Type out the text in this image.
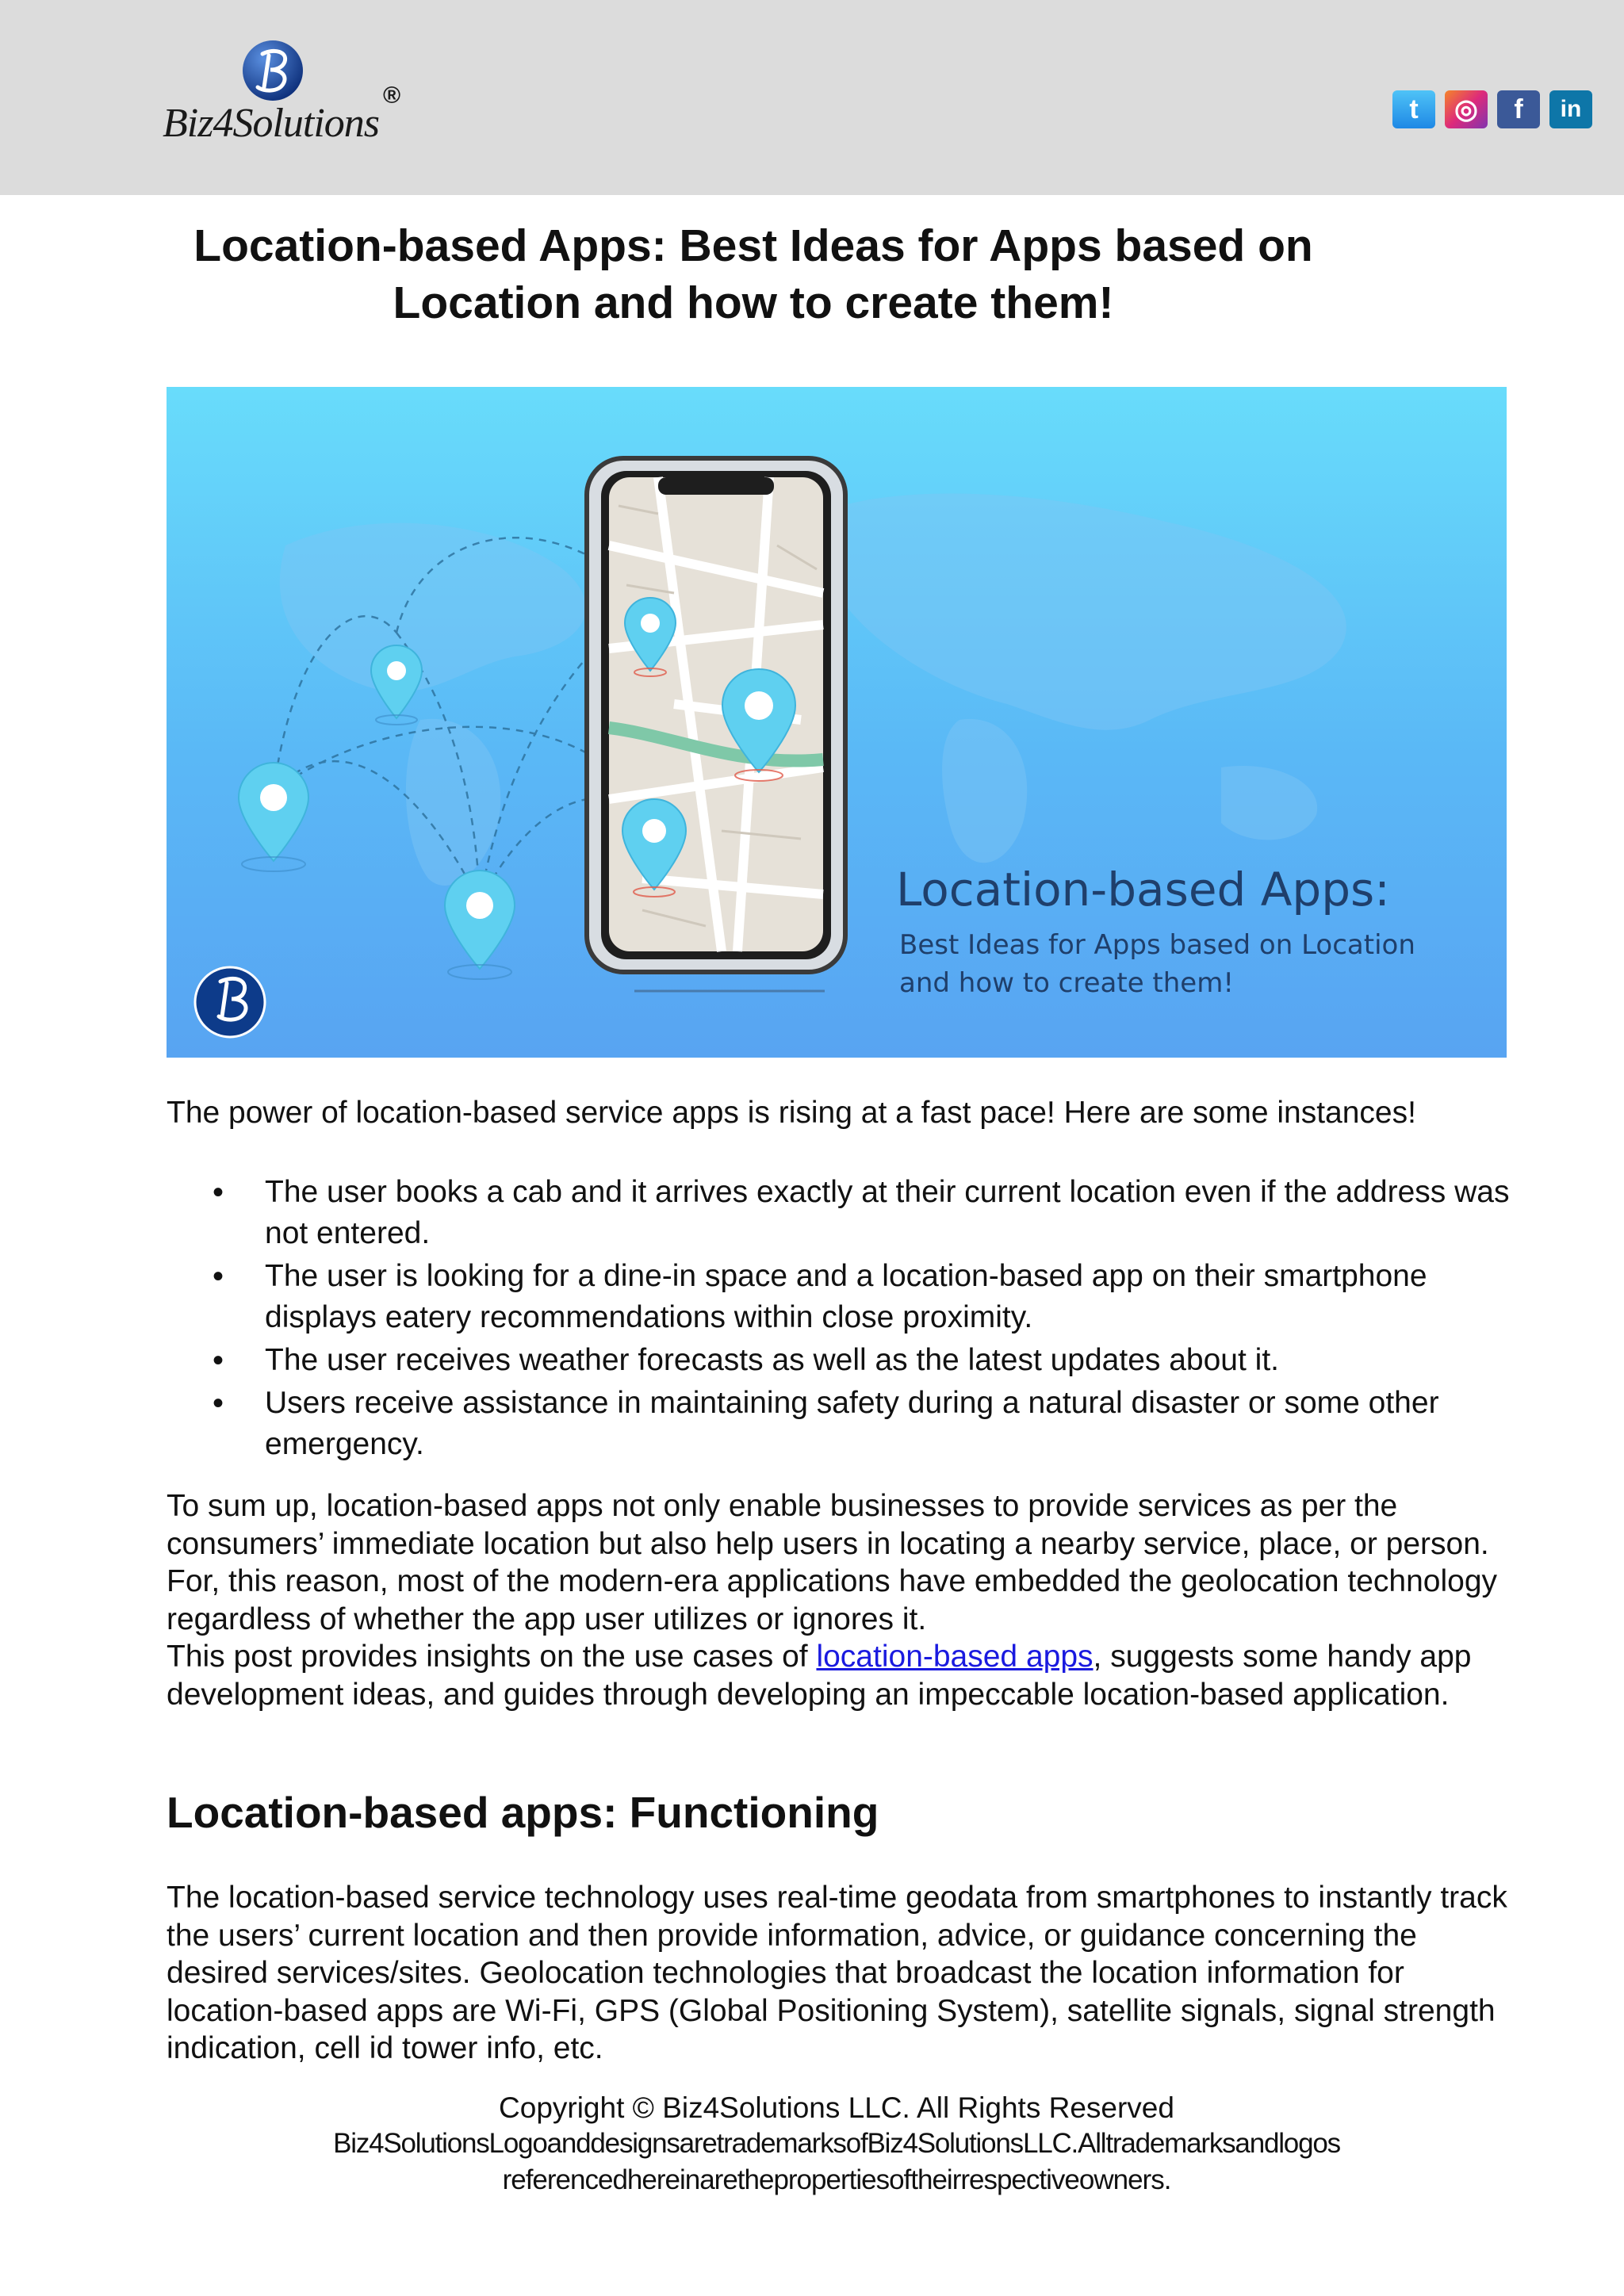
Biz4Solutions
®	t	◎	f	in
Location-based Apps: Best Ideas for Apps based on Location and how to create them!
Location-based Apps:
Best Ideas for Apps based on Location and how to create them!

The power of location-based service apps is rising at a fast pace! Here are some instances!

• The user books a cab and it arrives exactly at their current location even if the address was not entered.
• The user is looking for a dine-in space and a location-based app on their smartphone displays eatery recommendations within close proximity.
• The user receives weather forecasts as well as the latest updates about it.
• Users receive assistance in maintaining safety during a natural disaster or some other emergency.
To sum up, location-based apps not only enable businesses to provide services as per the consumers’ immediate location but also help users in locating a nearby service, place, or person. For, this reason, most of the modern-era applications have embedded the geolocation technology regardless of whether the app user utilizes or ignores it.
This post provides insights on the use cases of location-based apps, suggests some handy app development ideas, and guides through developing an impeccable location-based application.
Location-based apps: Functioning

The location-based service technology uses real-time geodata from smartphones to instantly track the users’ current location and then provide information, advice, or guidance concerning the desired services/sites. Geolocation technologies that broadcast the location information for location-based apps are Wi-Fi, GPS (Global Positioning System), satellite signals, signal strength indication, cell id tower info, etc.

Copyright © Biz4Solutions LLC. All Rights Reserved
Biz4SolutionsLogoanddesignsaretrademarksofBiz4SolutionsLLC.Alltrademarksandlogos
referencedhereinarethepropertiesoftheirrespectiveowners.
